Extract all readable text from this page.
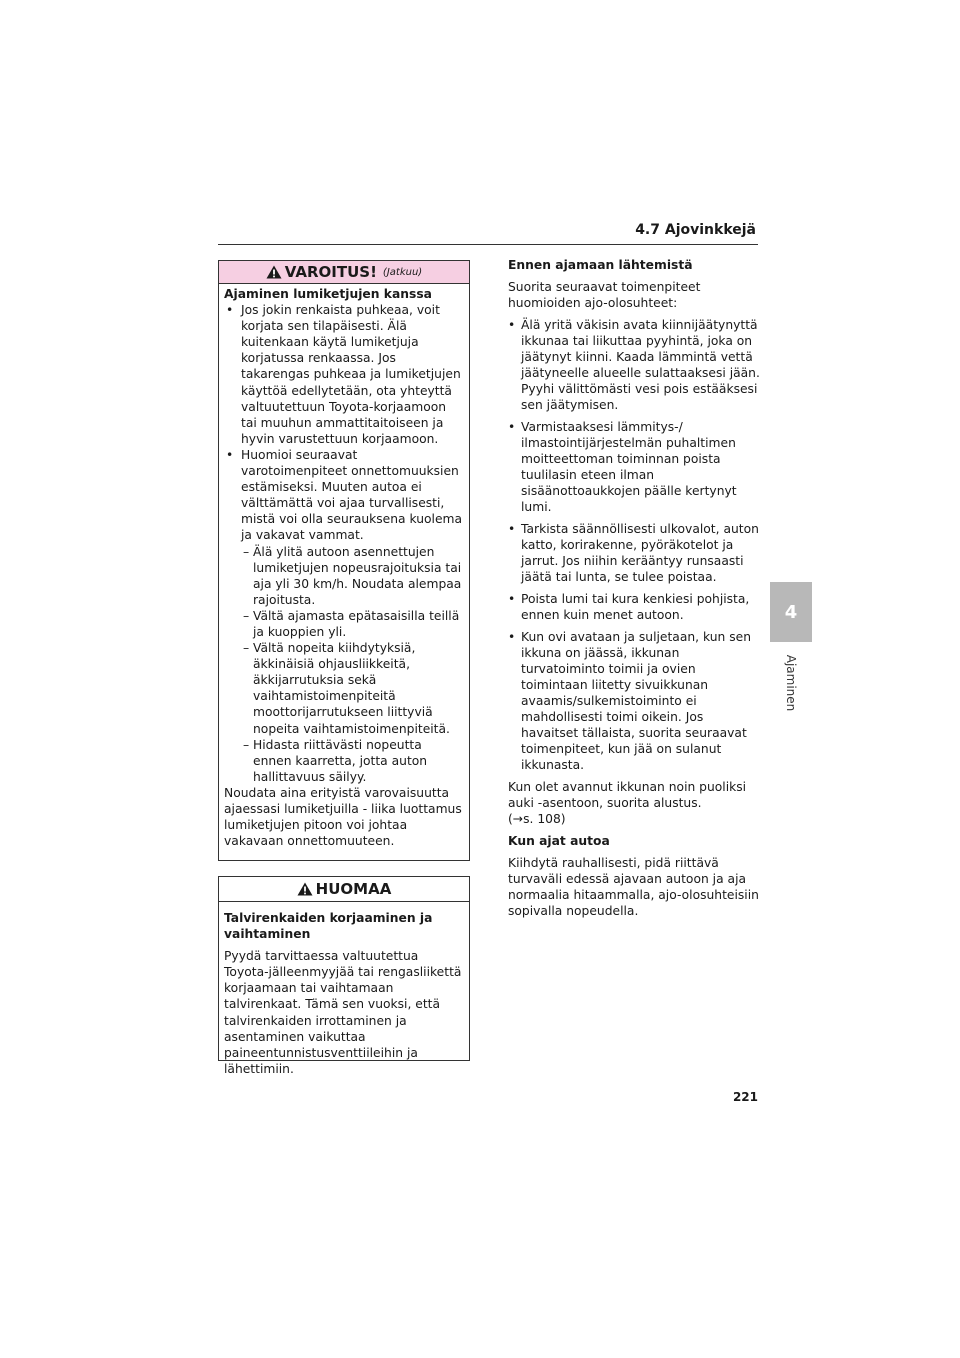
4.7 Ajovinkkejä
4
Ajaminen
VAROITUS! (Jatkuu)

Ajaminen lumiketjujen kanssa

• Jos jokin renkaista puhkeaa, voit korjata sen tilapäisesti. Älä kuitenkaan käytä lumiketjuja korjatussa renkaassa. Jos takarengas puhkeaa ja lumiketjujen käyttöä edellytetään, ota yhteyttä valtuutettuun Toyota-korjaamoon tai muuhun ammattitaitoiseen ja hyvin varustettuun korjaamoon.

• Huomioi seuraavat varotoimenpiteet onnettomuuksien estämiseksi. Muuten autoa ei välttämättä voi ajaa turvallisesti, mistä voi olla seurauksena kuolema ja vakavat vammat.

– Älä ylitä autoon asennettujen lumiketjujen nopeusrajoituksia tai aja yli 30 km/h. Noudata alempaa rajoitusta.

– Vältä ajamasta epätasaisilla teillä ja kuoppien yli.

– Vältä nopeita kiihdytyksiä, äkkinäisiä ohjausliikkeitä, äkkijarrutuksia sekä vaihtamistoimenpiteitä moottorijarrutukseen liittyviä nopeita vaihtamistoimenpiteitä.

– Hidasta riittävästi nopeutta ennen kaarretta, jotta auton hallittavuus säilyy.

Noudata aina erityistä varovaisuutta ajaessasi lumiketjuilla - liika luottamus lumiketjujen pitoon voi johtaa vakavaan onnettomuuteen.

HUOMAA

Talvirenkaiden korjaaminen ja vaihtaminen

Pyydä tarvittaessa valtuutettua Toyota-jälleenmyyjää tai rengasliikettä korjaamaan tai vaihtamaan talvirenkaat. Tämä sen vuoksi, että talvirenkaiden irrottaminen ja asentaminen vaikuttaa paineentunnistusventtiileihin ja lähettimiin.

Ennen ajamaan lähtemistä

Suorita seuraavat toimenpiteet huomioiden ajo-olosuhteet:

• Älä yritä väkisin avata kiinnijäätynyttä ikkunaa tai liikuttaa pyyhintä, joka on jäätynyt kiinni. Kaada lämmintä vettä jäätyneelle alueelle sulattaaksesi jään. Pyyhi välittömästi vesi pois estääksesi sen jäätymisen.

• Varmistaaksesi lämmitys-/ ilmastointijärjestelmän puhaltimen moitteettoman toiminnan poista tuulilasin eteen ilman sisäänottoaukkojen päälle kertynyt lumi.

• Tarkista säännöllisesti ulkovalot, auton katto, korirakenne, pyöräkotelot ja jarrut. Jos niihin kerääntyy runsaasti jäätä tai lunta, se tulee poistaa.

• Poista lumi tai kura kenkiesi pohjista, ennen kuin menet autoon.

• Kun ovi avataan ja suljetaan, kun sen ikkuna on jäässä, ikkunan turvatoiminto toimii ja ovien toimintaan liitetty sivuikkunan avaamis/sulkemistoiminto ei mahdollisesti toimi oikein. Jos havaitset tällaista, suorita seuraavat toimenpiteet, kun jää on sulanut ikkunasta.

Kun olet avannut ikkunan noin puoliksi auki -asentoon, suorita alustus.

(→s. 108)

Kun ajat autoa

Kiihdytä rauhallisesti, pidä riittävä turvaväli edessä ajavaan autoon ja aja normaalia hitaammalla, ajo-olosuhteisiin sopivalla nopeudella.

221
